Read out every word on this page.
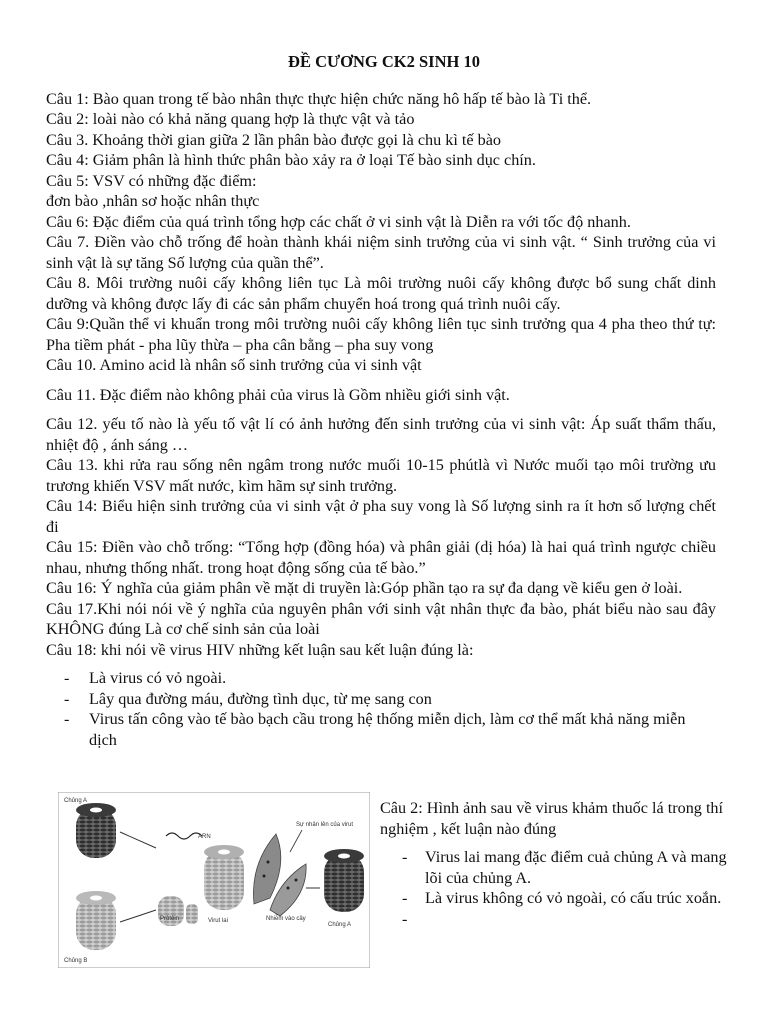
ĐỀ CƯƠNG CK2 SINH 10

Câu 1: Bào quan trong tế bào nhân thực thực hiện chức năng hô hấp tế bào là Ti thể.

Câu 2: loài nào có khả năng quang hợp là thực vật và tảo

Câu 3. Khoảng thời gian giữa 2 lần phân bào được gọi là chu kì tế bào

Câu 4: Giảm phân là hình thức phân bào xảy ra ở loại Tế bào sinh dục chín.

Câu 5: VSV có những đặc điểm:

đơn bào ,nhân sơ hoặc nhân thực

Câu 6: Đặc điểm của quá trình tổng hợp các chất ở vi sinh vật là Diễn ra với tốc độ nhanh.

Câu 7. Điền vào chỗ trống để hoàn thành khái niệm sinh trưởng của vi sinh vật. “ Sinh trưởng của vi sinh vật là sự tăng Số lượng của quần thể”.

Câu 8. Môi trường nuôi cấy không liên tục Là môi trường nuôi cấy không được bổ sung chất dinh dưỡng và không được lấy đi các sản phẩm chuyển hoá trong quá trình nuôi cấy.

Câu 9:Quần thể vi khuẩn trong môi trường nuôi cấy không liên tục sinh trưởng qua 4 pha theo thứ tự: Pha tiềm phát - pha lũy thừa – pha cân bằng – pha suy vong

Câu 10. Amino acid là nhân số sinh trưởng của vi sinh vật

Câu 11. Đặc điểm nào không phải của virus là Gồm nhiều giới sinh vật.

Câu 12. yếu tố nào là yếu tố vật lí có ảnh hưởng đến sinh trưởng của vi sinh vật: Áp suất thẩm thấu, nhiệt độ , ánh sáng …

Câu 13. khi rửa rau sống nên ngâm trong nước muối 10-15 phútlà vì Nước muối tạo môi trường ưu trương khiến VSV mất nước, kìm hãm sự sinh trưởng.

Câu 14: Biểu hiện sinh trưởng của vi sinh vật ở pha suy vong là Số lượng sinh ra ít hơn số lượng chết đi

Câu 15: Điền vào chỗ trống: “Tổng hợp (đồng hóa) và phân giải (dị hóa) là hai quá trình ngược chiều nhau, nhưng thống nhất. trong hoạt động sống của tế bào.”

Câu 16: Ý nghĩa của giảm phân về mặt di truyền là:Góp phần tạo ra sự đa dạng về kiểu gen ở loài.

Câu 17.Khi nói nói về ý nghĩa của nguyên phân với sinh vật nhân thực đa bào, phát biểu nào sau đây KHÔNG đúng Là cơ chế sinh sản của loài

Câu 18: khi nói về virus HIV những kết luận sau kết luận đúng là:

- Là virus có vỏ ngoài.
- Lây qua đường máu, đường tình dục, từ mẹ sang con
- Virus tấn công vào tế bào bạch cầu trong hệ thống miễn dịch, làm cơ thể mất khả năng miễn dịch
Chủng A
Chủng B
ARN
Prôtêin	Virut lai	Nhiễm vào cây
Sự nhân lên của virut
Chủng A

Câu 2: Hình ảnh sau về virus khảm thuốc lá trong thí nghiệm , kết luận nào đúng

- Virus lai mang đặc điểm cuả chủng A và mang lõi của chủng A.
- Là virus không có vỏ ngoài, có cấu trúc xoắn.
-
